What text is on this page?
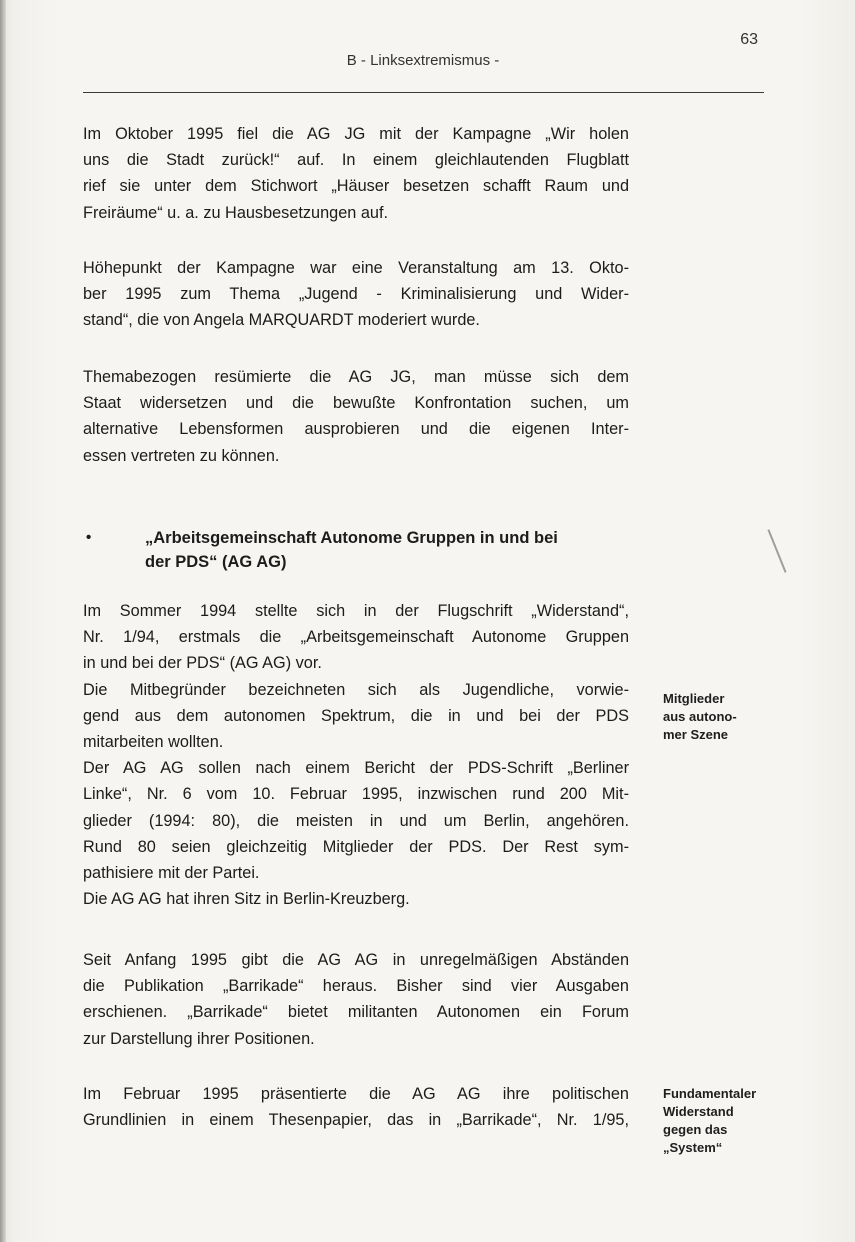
63
B - Linksextremismus -

Im Oktober 1995 fiel die AG JG mit der Kampagne „Wir holen
uns die Stadt zurück!“ auf. In einem gleichlautenden Flugblatt
rief sie unter dem Stichwort „Häuser besetzen schafft Raum und
Freiräume“ u. a. zu Hausbesetzungen auf.

Höhepunkt der Kampagne war eine Veranstaltung am 13. Okto-
ber 1995 zum Thema „Jugend - Kriminalisierung und Wider-
stand“, die von Angela MARQUARDT moderiert wurde.

Themabezogen resümierte die AG JG, man müsse sich dem
Staat widersetzen und die bewußte Konfrontation suchen, um
alternative Lebensformen ausprobieren und die eigenen Inter-
essen vertreten zu können.

•	„Arbeitsgemeinschaft Autonome Gruppen in und bei
der PDS“ (AG AG)

Im Sommer 1994 stellte sich in der Flugschrift „Widerstand“,
Nr. 1/94, erstmals die „Arbeitsgemeinschaft Autonome Gruppen
in und bei der PDS“ (AG AG) vor.
Die Mitbegründer bezeichneten sich als Jugendliche, vorwie-
gend aus dem autonomen Spektrum, die in und bei der PDS
mitarbeiten wollten.
Der AG AG sollen nach einem Bericht der PDS-Schrift „Berliner
Linke“, Nr. 6 vom 10. Februar 1995, inzwischen rund 200 Mit-
glieder (1994: 80), die meisten in und um Berlin, angehören.
Rund 80 seien gleichzeitig Mitglieder der PDS. Der Rest sym-
pathisiere mit der Partei.
Die AG AG hat ihren Sitz in Berlin-Kreuzberg.

Seit Anfang 1995 gibt die AG AG in unregelmäßigen Abständen
die Publikation „Barrikade“ heraus. Bisher sind vier Ausgaben
erschienen. „Barrikade“ bietet militanten Autonomen ein Forum
zur Darstellung ihrer Positionen.

Im Februar 1995 präsentierte die AG AG ihre politischen
Grundlinien in einem Thesenpapier, das in „Barrikade“, Nr. 1/95,

Mitglieder
aus autono-
mer Szene
Fundamentaler
Widerstand
gegen das
„System“
